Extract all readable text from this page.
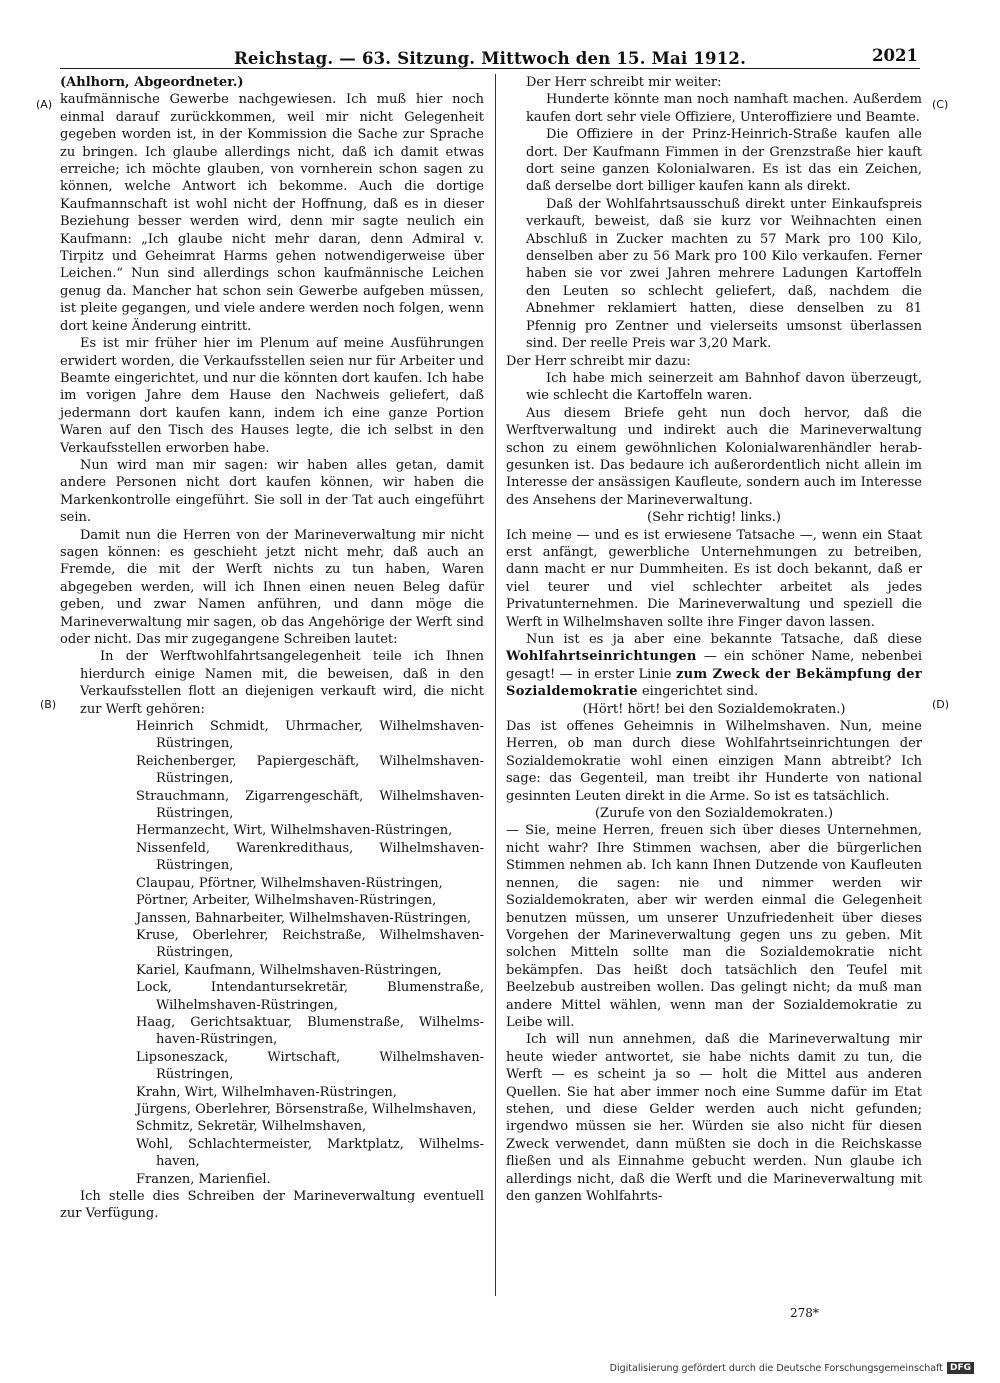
Reichstag. — 63. Sitzung. Mittwoch den 15. Mai 1912.	2021
(A)
(B)
(C)
(D)

(Ahlhorn, Abgeordneter.)

kaufmännische Gewerbe nachgewiesen. Ich muß hier noch einmal darauf zurückkommen, weil mir nicht Gelegenheit gegeben worden ist, in der Kommission die Sache zur Sprache zu bringen. Ich glaube allerdings nicht, daß ich damit etwas erreiche; ich möchte glauben, von vornherein schon sagen zu können, welche Antwort ich bekomme. Auch die dortige Kaufmannschaft ist wohl nicht der Hoffnung, daß es in dieser Beziehung besser werden wird, denn mir sagte neulich ein Kaufmann: „Ich glaube nicht mehr daran, denn Admiral v. Tirpitz und Geheimrat Harms gehen notwendigerweise über Leichen.“ Nun sind allerdings schon kaufmännische Leichen genug da. Mancher hat schon sein Gewerbe aufgeben müssen, ist pleite gegangen, und viele andere werden noch folgen, wenn dort keine Änderung eintritt.

Es ist mir früher hier im Plenum auf meine Ausführungen erwidert worden, die Verkaufsstellen seien nur für Arbeiter und Beamte eingerichtet, und nur die könnten dort kaufen. Ich habe im vorigen Jahre dem Hause den Nachweis geliefert, daß jedermann dort kaufen kann, indem ich eine ganze Portion Waren auf den Tisch des Hauses legte, die ich selbst in den Verkaufsstellen erworben habe.

Nun wird man mir sagen: wir haben alles getan, damit andere Personen nicht dort kaufen können, wir haben die Markenkontrolle eingeführt. Sie soll in der Tat auch eingeführt sein.

Damit nun die Herren von der Marineverwaltung mir nicht sagen können: es geschieht jetzt nicht mehr, daß auch an Fremde, die mit der Werft nichts zu tun haben, Waren abgegeben werden, will ich Ihnen einen neuen Beleg dafür geben, und zwar Namen anführen, und dann möge die Marineverwaltung mir sagen, ob das Angehörige der Werft sind oder nicht. Das mir zugegangene Schreiben lautet:

In der Werftwohlfahrtsangelegenheit teile ich Ihnen hierdurch einige Namen mit, die beweisen, daß in den Verkaufsstellen flott an diejenigen verkauft wird, die nicht zur Werft gehören:

Heinrich Schmidt, Uhrmacher, Wilhelmshaven-Rüstringen,

Reichenberger, Papiergeschäft, Wilhelmshaven-Rüstringen,

Strauchmann, Zigarrengeschäft, Wilhelmshaven-Rüstringen,

Hermanzecht, Wirt, Wilhelmshaven-Rüstringen,

Nissenfeld, Warenkredithaus, Wilhelmshaven-Rüstringen,

Claupau, Pförtner, Wilhelmshaven-Rüstringen,

Pörtner, Arbeiter, Wilhelmshaven-Rüstringen,

Janssen, Bahnarbeiter, Wilhelmshaven-Rüstringen,

Kruse, Oberlehrer, Reichstraße, Wilhelmshaven-Rüstringen,

Kariel, Kaufmann, Wilhelmshaven-Rüstringen,

Lock, Intendantursekretär, Blumenstraße, Wilhelmshaven-Rüstringen,

Haag, Gerichtsaktuar, Blumenstraße, Wilhelmshaven-Rüstringen,

Lipsoneszack, Wirtschaft, Wilhelmshaven-Rüstringen,

Krahn, Wirt, Wilhelmhaven-Rüstringen,

Jürgens, Oberlehrer, Börsenstraße, Wilhelmshaven,

Schmitz, Sekretär, Wilhelmshaven,

Wohl, Schlachtermeister, Marktplatz, Wilhelmshaven,

Franzen, Marienfiel.

Ich stelle dies Schreiben der Marineverwaltung eventuell zur Verfügung.

Der Herr schreibt mir weiter:

Hunderte könnte man noch namhaft machen. Außerdem kaufen dort sehr viele Offiziere, Unteroffiziere und Beamte.

Die Offiziere in der Prinz-Heinrich-Straße kaufen alle dort. Der Kaufmann Fimmen in der Grenzstraße hier kauft dort seine ganzen Kolonialwaren. Es ist das ein Zeichen, daß derselbe dort billiger kaufen kann als direkt.

Daß der Wohlfahrtsausschuß direkt unter Einkaufspreis verkauft, beweist, daß sie kurz vor Weihnachten einen Abschluß in Zucker machten zu 57 Mark pro 100 Kilo, denselben aber zu 56 Mark pro 100 Kilo verkaufen. Ferner haben sie vor zwei Jahren mehrere Ladungen Kartoffeln den Leuten so schlecht geliefert, daß, nachdem die Abnehmer reklamiert hatten, diese denselben zu 81 Pfennig pro Zentner und vielerseits umsonst überlassen sind. Der reelle Preis war 3,20 Mark.

Der Herr schreibt mir dazu:

Ich habe mich seinerzeit am Bahnhof davon überzeugt, wie schlecht die Kartoffeln waren.

Aus diesem Briefe geht nun doch hervor, daß die Werftverwaltung und indirekt auch die Marineverwaltung schon zu einem gewöhnlichen Kolonialwarenhändler herabgesunken ist. Das bedaure ich außerordentlich nicht allein im Interesse der ansässigen Kaufleute, sondern auch im Interesse des Ansehens der Marineverwaltung.

(Sehr richtig! links.)

Ich meine — und es ist erwiesene Tatsache —, wenn ein Staat erst anfängt, gewerbliche Unternehmungen zu betreiben, dann macht er nur Dummheiten. Es ist doch bekannt, daß er viel teurer und viel schlechter arbeitet als jedes Privatunternehmen. Die Marineverwaltung und speziell die Werft in Wilhelmshaven sollte ihre Finger davon lassen.

Nun ist es ja aber eine bekannte Tatsache, daß diese Wohlfahrtseinrichtungen — ein schöner Name, nebenbei gesagt! — in erster Linie zum Zweck der Bekämpfung der Sozialdemokratie eingerichtet sind.

(Hört! hört! bei den Sozialdemokraten.)

Das ist offenes Geheimnis in Wilhelmshaven. Nun, meine Herren, ob man durch diese Wohlfahrtseinrichtungen der Sozialdemokratie wohl einen einzigen Mann abtreibt? Ich sage: das Gegenteil, man treibt ihr Hunderte von national gesinnten Leuten direkt in die Arme. So ist es tatsächlich.

(Zurufe von den Sozialdemokraten.)

— Sie, meine Herren, freuen sich über dieses Unternehmen, nicht wahr? Ihre Stimmen wachsen, aber die bürgerlichen Stimmen nehmen ab. Ich kann Ihnen Dutzende von Kaufleuten nennen, die sagen: nie und nimmer werden wir Sozialdemokraten, aber wir werden einmal die Gelegenheit benutzen müssen, um unserer Unzufriedenheit über dieses Vorgehen der Marineverwaltung gegen uns zu geben. Mit solchen Mitteln sollte man die Sozialdemokratie nicht bekämpfen. Das heißt doch tatsächlich den Teufel mit Beelzebub austreiben wollen. Das gelingt nicht; da muß man andere Mittel wählen, wenn man der Sozialdemokratie zu Leibe will.

Ich will nun annehmen, daß die Marineverwaltung mir heute wieder antwortet, sie habe nichts damit zu tun, die Werft — es scheint ja so — holt die Mittel aus anderen Quellen. Sie hat aber immer noch eine Summe dafür im Etat stehen, und diese Gelder werden auch nicht gefunden; irgendwo müssen sie her. Würden sie also nicht für diesen Zweck verwendet, dann müßten sie doch in die Reichskasse fließen und als Einnahme gebucht werden. Nun glaube ich allerdings nicht, daß die Werft und die Marineverwaltung mit den ganzen Wohlfahrts-

278*
Digitalisierung gefördert durch die Deutsche Forschungsgemeinschaft DFG
